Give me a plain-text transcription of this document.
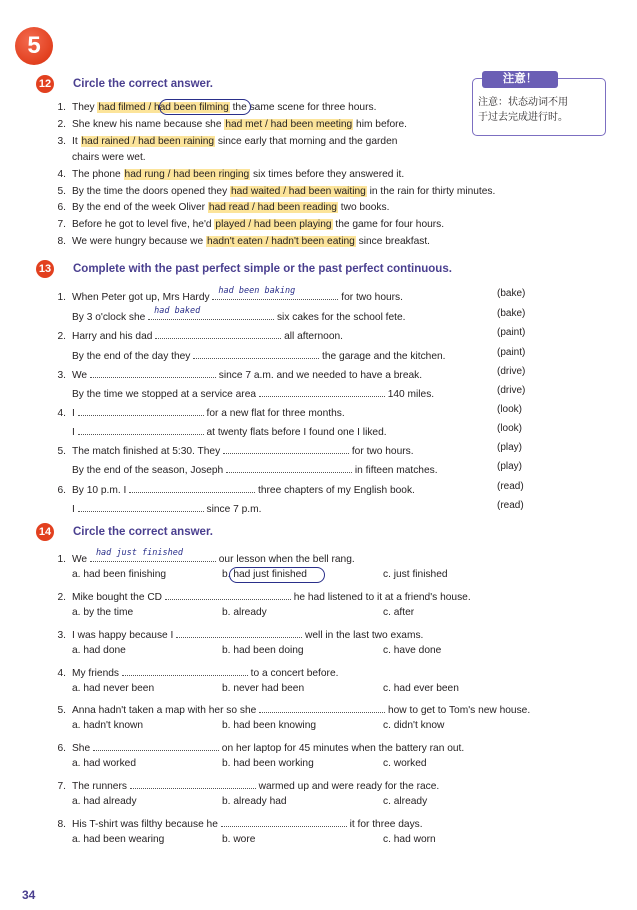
5
注意！
注意：状态动词不用
于过去完成进行时。
12 Circle the correct answer.
1. They had filmed / had been filming the same scene for three hours.
2. She knew his name because she had met / had been meeting him before.
3. It had rained / had been raining since early that morning and the garden
chairs were wet.
4. The phone had rung / had been ringing six times before they answered it.
5. By the time the doors opened they had waited / had been waiting in the rain for thirty minutes.
6. By the end of the week Oliver had read / had been reading two books.
7. Before he got to level five, he'd played / had been playing the game for four hours.
8. We were hungry because we hadn't eaten / hadn't been eating since breakfast.
13 Complete with the past perfect simple or the past perfect continuous.
1. When Peter got up, Mrs Hardy
had been baking
for two hours.	(bake)
By 3 o'clock she
had baked
six cakes for the school fete.	(bake)
2. Harry and his dad	all afternoon.	(paint)
By the end of the day they	the garage and the kitchen.	(paint)
3. We	since 7 a.m. and we needed to have a break.	(drive)
By the time we stopped at a service area	140 miles.	(drive)
4. I	for a new flat for three months.	(look)
I	at twenty flats before I found one I liked.	(look)
5. The match finished at 5:30. They	for two hours.	(play)
By the end of the season, Joseph	in fifteen matches.	(play)
6. By 10 p.m. I	three chapters of my English book.	(read)
I	since 7 p.m.	(read)
14 Circle the correct answer.
1. We
had just finished
our lesson when the bell rang.
a. had been finishing	b. had just finished	c. just finished
2. Mike bought the CD	he had listened to it at a friend's house.
a. by the time	b. already	c. after
3. I was happy because I	well in the last two exams.
a. had done	b. had been doing	c. have done
4. My friends	to a concert before.
a. had never been	b. never had been	c. had ever been
5. Anna hadn't taken a map with her so she	how to get to Tom's new house.
a. hadn't known	b. had been knowing	c. didn't know
6. She	on her laptop for 45 minutes when the battery ran out.
a. had worked	b. had been working	c. worked
7. The runners	warmed up and were ready for the race.
a. had already	b. already had	c. already
8. His T-shirt was filthy because he	it for three days.
a. had been wearing	b. wore	c. had worn
34
